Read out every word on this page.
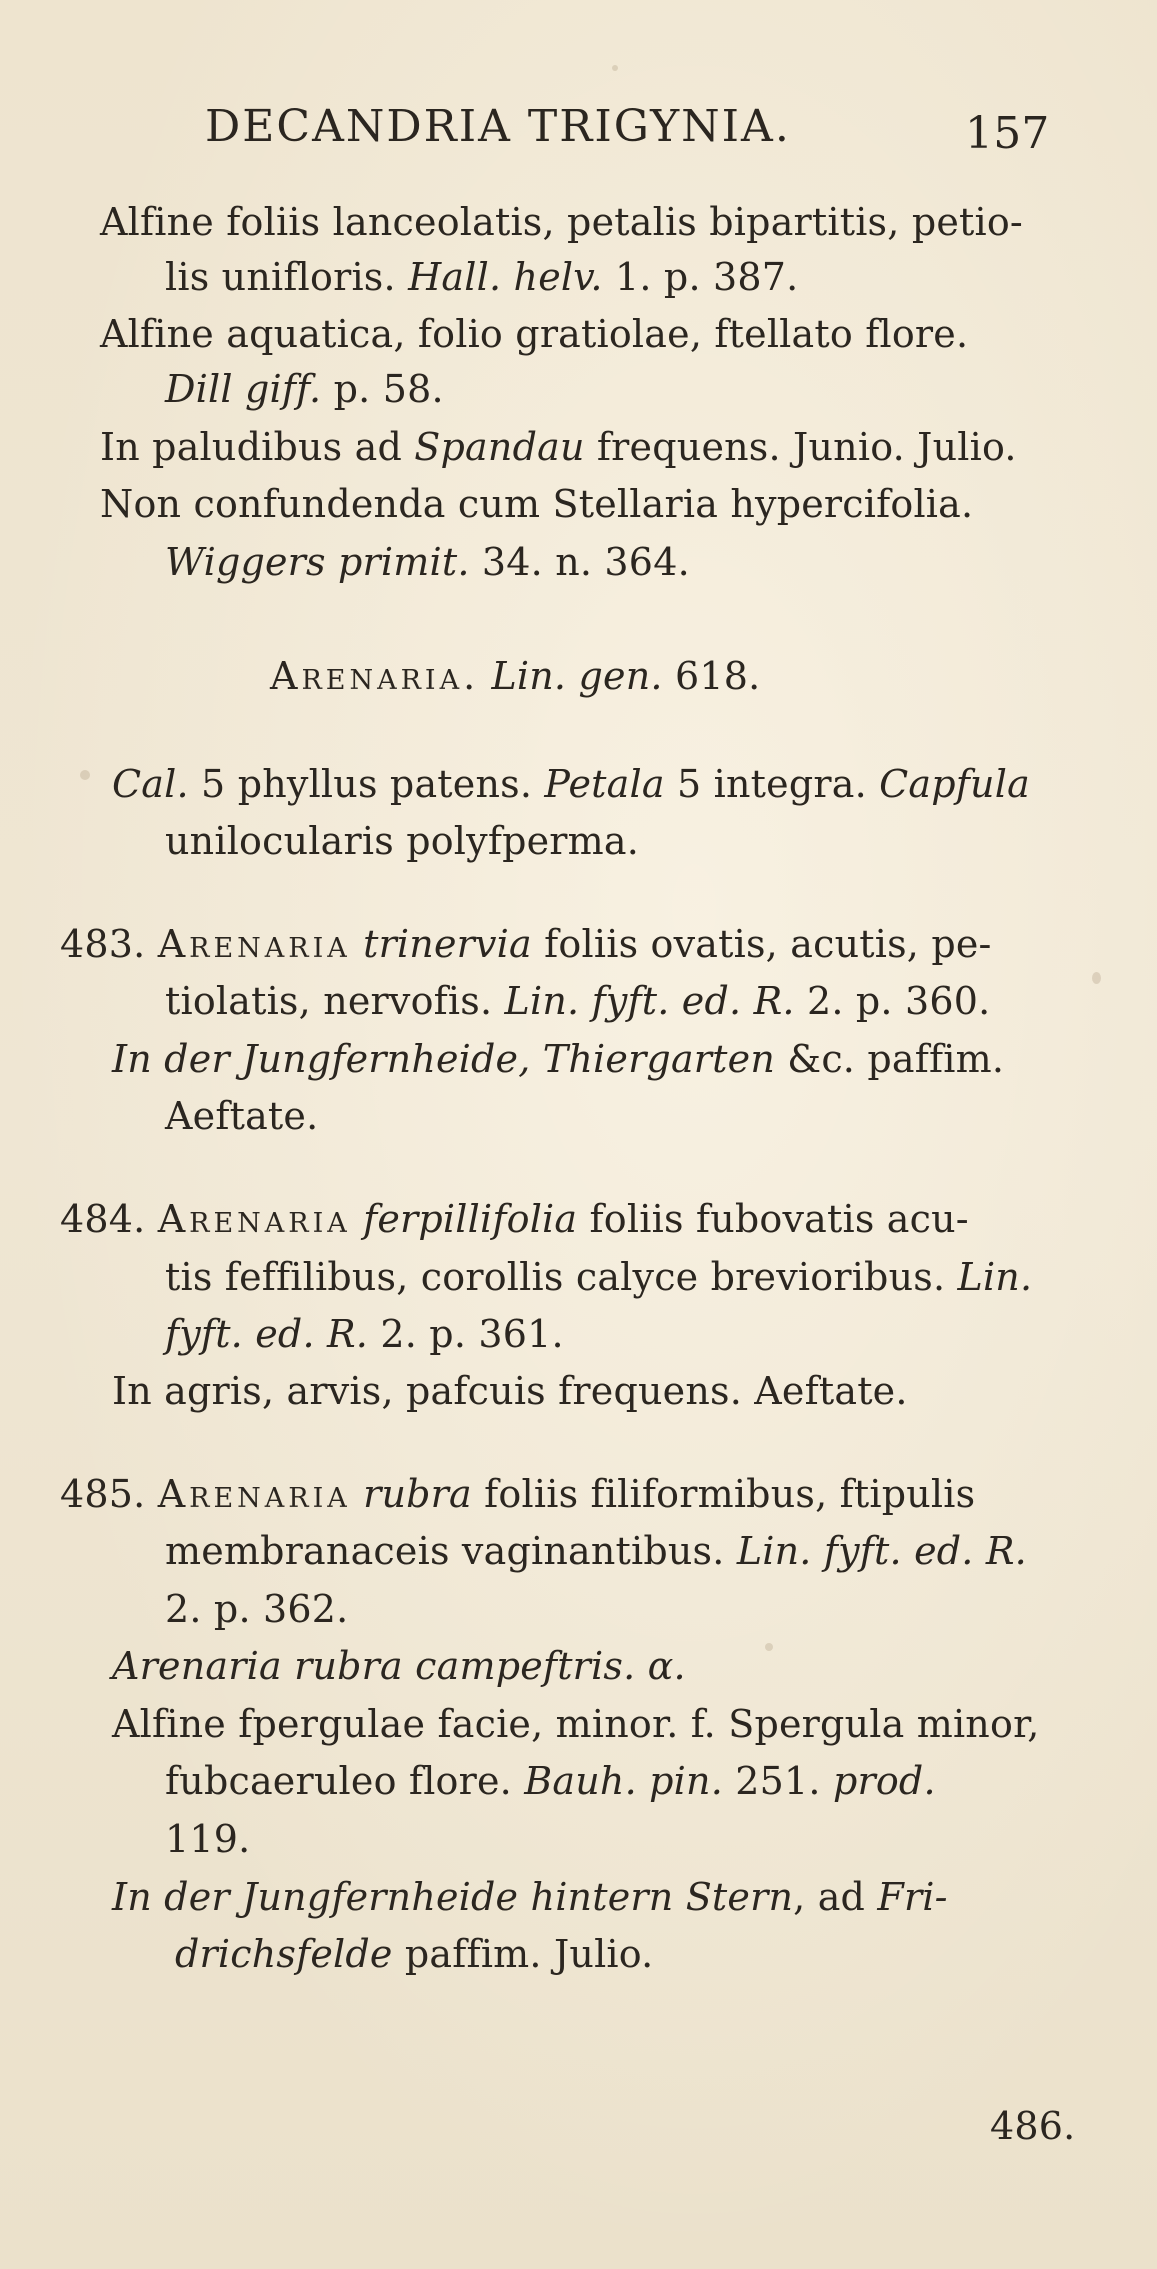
DECANDRIA TRIGYNIA.	157
Alfine foliis lanceolatis, petalis bipartitis, petio-
lis unifloris. Hall. helv. 1. p. 387.
Alfine aquatica, folio gratiolae, ftellato flore.
Dill giff. p. 58.
In paludibus ad Spandau frequens. Junio. Julio.
Non confundenda cum Stellaria hypercifolia.
Wiggers primit. 34. n. 364.
Arenaria. Lin. gen. 618.
Cal. 5 phyllus patens. Petala 5 integra. Capfula
unilocularis polyfperma.
483. Arenaria trinervia foliis ovatis, acutis, pe-
tiolatis, nervofis. Lin. fyft. ed. R. 2. p. 360.
In der Jungfernheide, Thiergarten &c. paffim.
Aeftate.
484. Arenaria ferpillifolia foliis fubovatis acu-
tis feffilibus, corollis calyce brevioribus. Lin.
fyft. ed. R. 2. p. 361.
In agris, arvis, pafcuis frequens. Aeftate.
485. Arenaria rubra foliis filiformibus, ftipulis
membranaceis vaginantibus. Lin. fyft. ed. R.
2. p. 362.
Arenaria rubra campeftris. α.
Alfine fpergulae facie, minor. f. Spergula minor,
fubcaeruleo flore. Bauh. pin. 251. prod.
119.
In der Jungfernheide hintern Stern, ad Fri-
drichsfelde paffim. Julio.
486.
